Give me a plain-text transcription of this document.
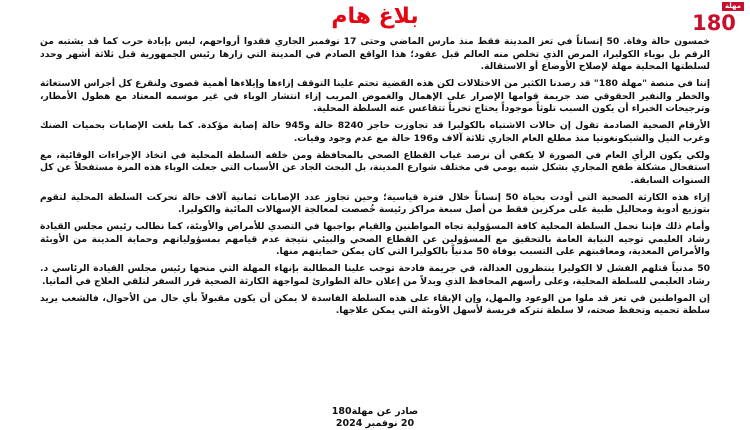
مهلة
180
بلاغ هام

خمسون حالة وفاة. 50 إنساناً في تعز المدينة فقط منذ مارس الماضي وحتى 17 نوفمبر الجاري فقدوا أرواحهم، ليس بإبادة حرب كما قد يشتبه من الرقم بل بوباء الكوليرا، المرض الذي تخلص منه العالم قبل عقود؛ هذا الواقع الصادم في المدينة التي زارها رئيس الجمهورية قبل ثلاثة أشهر وحدد لسلطتها المحلية مهلة لإصلاح الأوضاع أو الاستقالة.

إننا في منصة "مهلة 180" قد رصدنا الكثير من الاختلالات لكن هذه القضية تحتم علينا التوقف إزاءها وإيلاءها أهمية قصوى ولنقرع كل أجراس الاستغاثة والخطر والنفير الحقوقي ضد جريمة قوامها الإصرار على الإهمال والغموض المريب إزاء انتشار الوباء في غير موسمه المعتاد مع هطول الأمطار، وترجيحات الخبراء أن يكون السبب تلوثاً موجوداً يحتاج تحرياً تتقاعس عنه السلطة المحلية.

الأرقام الصحية الصادمة تقول إن حالات الاشتباه بالكوليرا قد تجاوزت حاجز 8240 حالة و945 حالة إصابة مؤكدة. كما بلغت الإصابات بحميات الضنك وغرب النيل والشيكونغونيا منذ مطلع العام الجاري ثلاثة آلاف و196 حالة مع عدم وجود وفيات.

ولكي يكون الرأي العام في الصورة لا يكفي أن نرصد غياب القطاع الصحي بالمحافظة ومن خلفه السلطة المحلية في اتخاذ الإجراءات الوقائية، مع استفحال مشكلة طفح المجاري بشكل شبه يومي في مختلف شوارع المدينة، بل البحث الجاد عن الأسباب التي جعلت الوباء هذه المرة مستفحلاً عن كل السنوات السابقة.

إزاء هذه الكارثة الصحية التي أودت بحياة 50 إنساناً خلال فترة قياسية؛ وحين تجاوز عدد الإصابات ثمانية آلاف حالة تحركت السلطة المحلية لتقوم بتوزيع أدوية ومحاليل طبية على مركزين فقط من أصل سبعة مراكز رئيسة خُصصت لمعالجة الإسهالات المائية والكوليرا.

وأمام ذلك فإننا نحمل السلطة المحلية كافة المسؤولية تجاه المواطنين والقيام بواجبها في التصدي للأمراض والأوبئة، كما نطالب رئيس مجلس القيادة رشاد العليمي توجيه النيابة العامة بالتحقيق مع المسؤولين عن القطاع الصحي والبيئي نتيجة عدم قيامهم بمسؤولياتهم وحماية المدينة من الأوبئة والأمراض المعدية، ومعاقبتهم على التسبب بوفاة 50 مدنياً بالكوليرا التي كان يمكن حمايتهم منها.

50 مدنياً قتلهم الفشل لا الكوليرا ينتظرون العدالة، في جريمة فادحة توجب علينا المطالبة بإنهاء المهلة التي منحها رئيس مجلس القيادة الرئاسي د. رشاد العليمي للسلطة المحلية، وعلى رأسهم المحافظ الذي وبدلاً من إعلان حالة الطوارئ لمواجهة الكارثة الصحية قرر السفر لتلقي العلاج في ألمانيا.

إن المواطنين في تعز قد ملوا من الوعود والمهل، وإن الإبقاء على هذه السلطة الفاسدة لا يمكن أن يكون مقبولاً بأي حال من الأحوال، فالشعب يريد سلطة تحميه وتحفظ صحته، لا سلطة تتركه فريسة لأسهل الأوبئة التي يمكن علاجها.

صادر عن مهلة180
20 نوفمبر 2024
